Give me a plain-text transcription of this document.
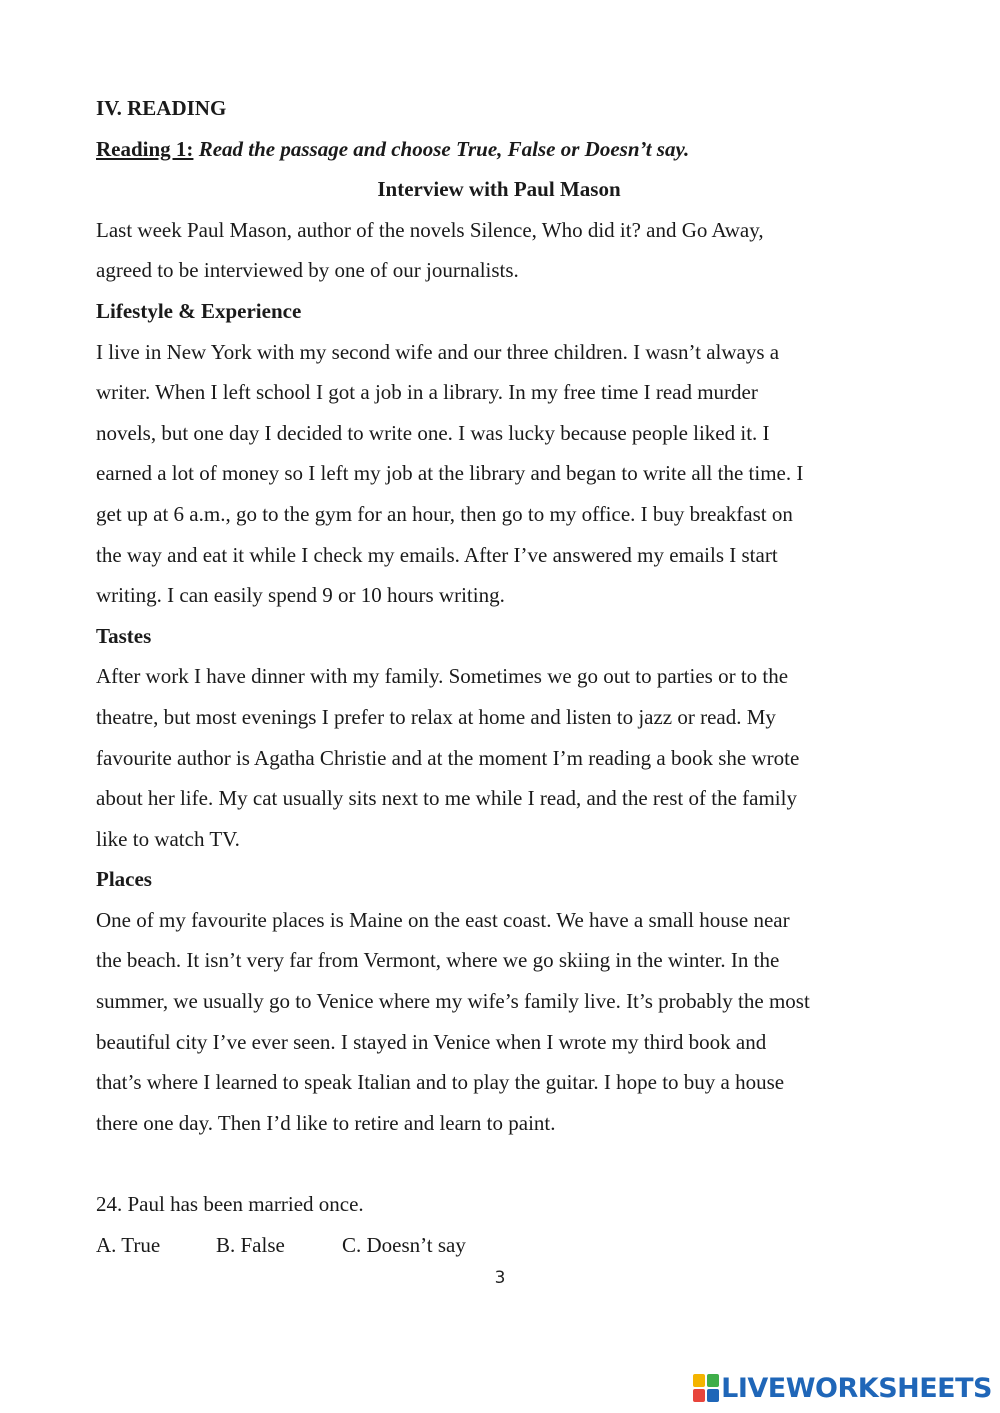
IV. READING
Reading 1: Read the passage and choose True, False or Doesn’t say.
Interview with Paul Mason
Last week Paul Mason, author of the novels Silence, Who did it? and Go Away,
agreed to be interviewed by one of our journalists.
Lifestyle & Experience
I live in New York with my second wife and our three children. I wasn’t always a
writer. When I left school I got a job in a library. In my free time I read murder
novels, but one day I decided to write one. I was lucky because people liked it. I
earned a lot of money so I left my job at the library and began to write all the time. I
get up at 6 a.m., go to the gym for an hour, then go to my office. I buy breakfast on
the way and eat it while I check my emails. After I’ve answered my emails I start
writing. I can easily spend 9 or 10 hours writing.
Tastes
After work I have dinner with my family. Sometimes we go out to parties or to the
theatre, but most evenings I prefer to relax at home and listen to jazz or read. My
favourite author is Agatha Christie and at the moment I’m reading a book she wrote
about her life. My cat usually sits next to me while I read, and the rest of the family
like to watch TV.
Places
One of my favourite places is Maine on the east coast. We have a small house near
the beach. It isn’t very far from Vermont, where we go skiing in the winter. In the
summer, we usually go to Venice where my wife’s family live. It’s probably the most
beautiful city I’ve ever seen. I stayed in Venice when I wrote my third book and
that’s where I learned to speak Italian and to play the guitar. I hope to buy a house
there one day. Then I’d like to retire and learn to paint.
24. Paul has been married once.
A. True	B. False	C. Doesn’t say
3
LIVEWORKSHEETS
